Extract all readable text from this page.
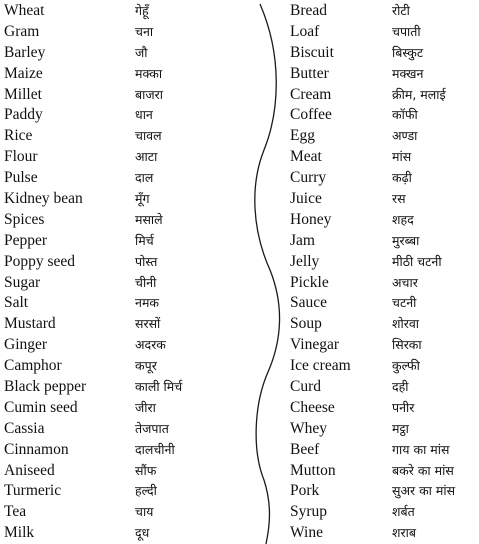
Wheat	गेहूँ
Gram	चना
Barley	जौ
Maize	मक्का
Millet	बाजरा
Paddy	धान
Rice	चावल
Flour	आटा
Pulse	दाल
Kidney bean	मूँग
Spices	मसाले
Pepper	मिर्च
Poppy seed	पोस्त
Sugar	चीनी
Salt	नमक
Mustard	सरसों
Ginger	अदरक
Camphor	कपूर
Black pepper	काली मिर्च
Cumin seed	जीरा
Cassia	तेजपात
Cinnamon	दालचीनी
Aniseed	सौंफ
Turmeric	हल्दी
Tea	चाय
Milk	दूध
Bread	रोटी
Loaf	चपाती
Biscuit	बिस्कुट
Butter	मक्खन
Cream	क्रीम, मलाई
Coffee	कॉफी
Egg	अण्डा
Meat	मांस
Curry	कढ़ी
Juice	रस
Honey	शहद
Jam	मुरब्बा
Jelly	मीठी चटनी
Pickle	अचार
Sauce	चटनी
Soup	शोरवा
Vinegar	सिरका
Ice cream	कुल्फी
Curd	दही
Cheese	पनीर
Whey	मट्ठा
Beef	गाय का मांस
Mutton	बकरे का मांस
Pork	सुअर का मांस
Syrup	शर्बत
Wine	शराब
